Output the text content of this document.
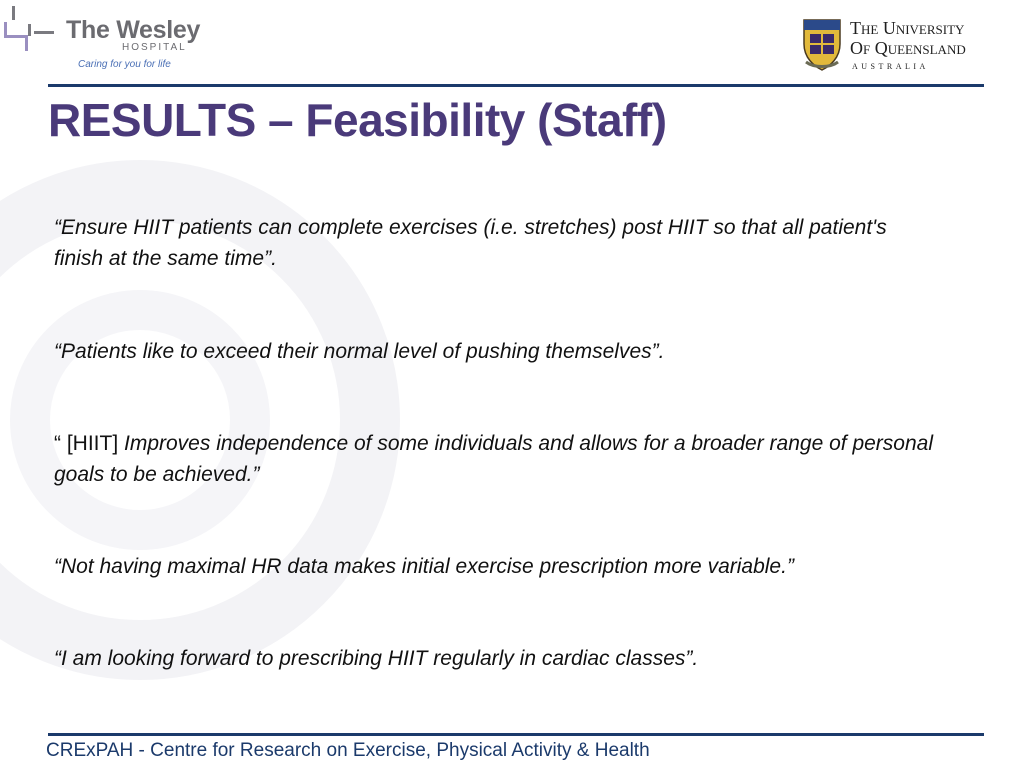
The Wesley
HOSPITAL
Caring for you for life
The University
Of Queensland
AUSTRALIA
RESULTS – Feasibility (Staff)

“Ensure HIIT patients can complete exercises (i.e. stretches) post HIIT so that all patient's finish at the same time”.

“Patients like to exceed their normal level of pushing themselves”.

“ [HIIT] Improves independence of some individuals and allows for a broader range of personal goals to be achieved.”

“Not having maximal HR data makes initial exercise prescription more variable.”

“I am looking forward to prescribing HIIT regularly in cardiac classes”.

CRExPAH - Centre for Research on Exercise, Physical Activity & Health
